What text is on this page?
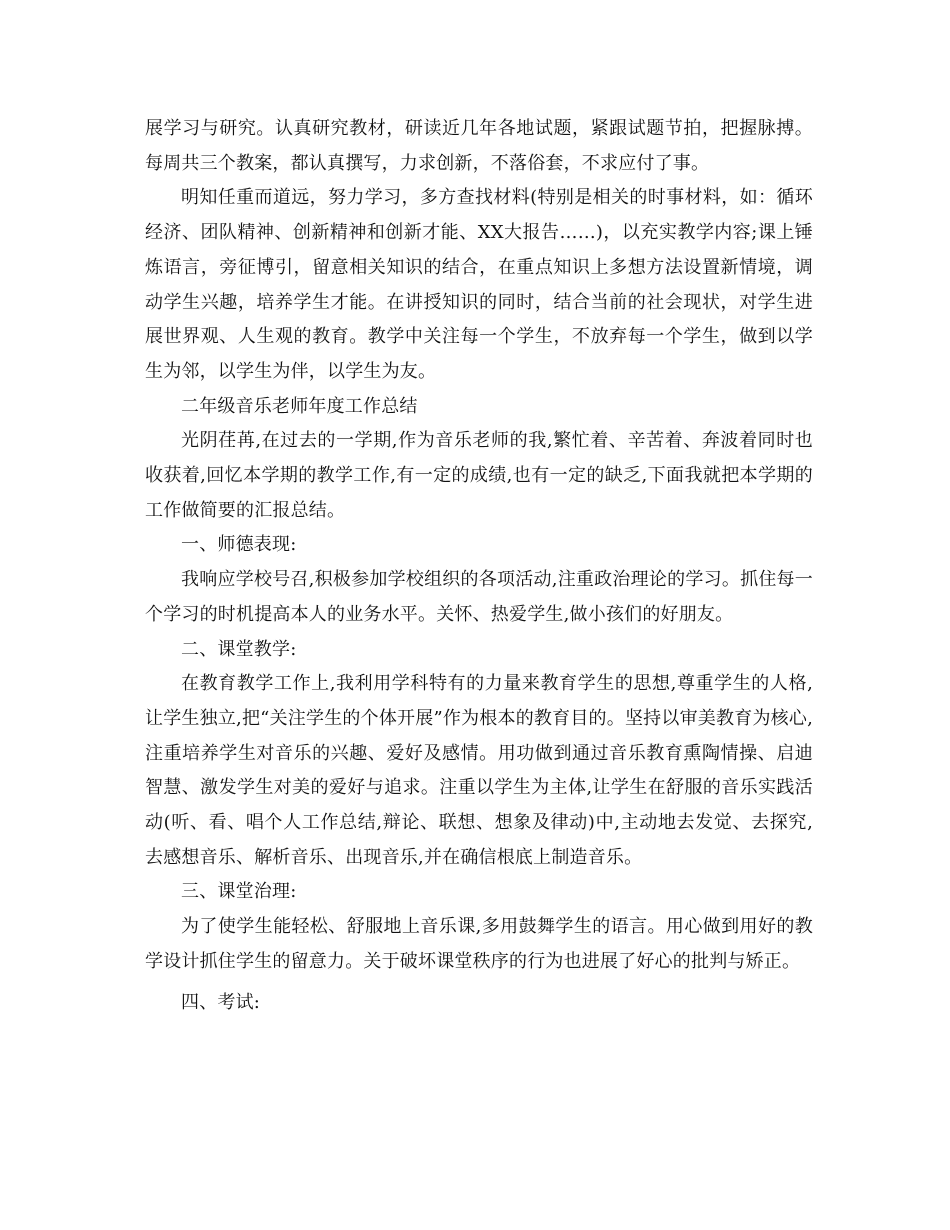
展学习与研究。认真研究教材，研读近几年各地试题，紧跟试题节拍，把握脉搏。每周共三个教案，都认真撰写，力求创新，不落俗套，不求应付了事。

明知任重而道远，努力学习，多方查找材料(特别是相关的时事材料，如：循环经济、团队精神、创新精神和创新才能、XX大报告……)，以充实教学内容;课上锤炼语言，旁征博引，留意相关知识的结合，在重点知识上多想方法设置新情境，调动学生兴趣，培养学生才能。在讲授知识的同时，结合当前的社会现状，对学生进展世界观、人生观的教育。教学中关注每一个学生，不放弃每一个学生，做到以学生为邻，以学生为伴，以学生为友。

二年级音乐老师年度工作总结

光阴荏苒,在过去的一学期,作为音乐老师的我,繁忙着、辛苦着、奔波着同时也收获着,回忆本学期的教学工作,有一定的成绩,也有一定的缺乏,下面我就把本学期的工作做简要的汇报总结。

一、师德表现:

我响应学校号召,积极参加学校组织的各项活动,注重政治理论的学习。抓住每一个学习的时机提高本人的业务水平。关怀、热爱学生,做小孩们的好朋友。

二、课堂教学:

在教育教学工作上,我利用学科特有的力量来教育学生的思想,尊重学生的人格,让学生独立,把“关注学生的个体开展”作为根本的教育目的。坚持以审美教育为核心,注重培养学生对音乐的兴趣、爱好及感情。用功做到通过音乐教育熏陶情操、启迪智慧、激发学生对美的爱好与追求。注重以学生为主体,让学生在舒服的音乐实践活动(听、看、唱个人工作总结,辩论、联想、想象及律动)中,主动地去发觉、去探究,去感想音乐、解析音乐、出现音乐,并在确信根底上制造音乐。

三、课堂治理:

为了使学生能轻松、舒服地上音乐课,多用鼓舞学生的语言。用心做到用好的教学设计抓住学生的留意力。关于破坏课堂秩序的行为也进展了好心的批判与矫正。

四、考试:
